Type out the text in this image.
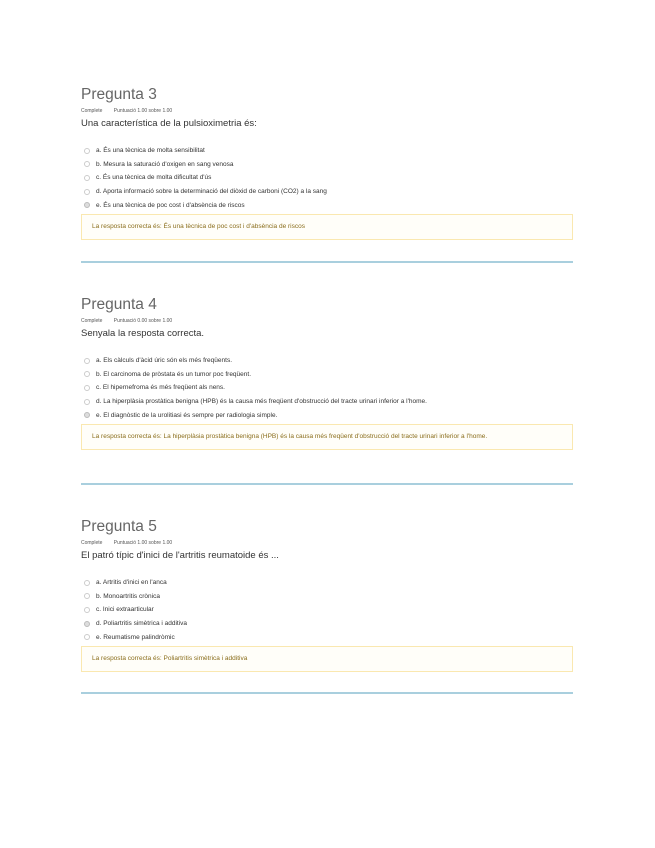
Pregunta 3
Complete Puntuació 1.00 sobre 1.00
Una característica de la pulsioximetria és:
a. És una tècnica de molta sensibilitat
b. Mesura la saturació d'oxigen en sang venosa
c. És una tècnica de molta dificultat d'ús
d. Aporta informació sobre la determinació del diòxid de carboni (CO2) a la sang
e. És una tècnica de poc cost i d'absència de riscos
La resposta correcta és: És una tècnica de poc cost i d'absència de riscos
Pregunta 4
Complete Puntuació 0.00 sobre 1.00
Senyala la resposta correcta.
a. Els càlculs d'àcid úric són els més freqüents.
b. El carcinoma de pròstata és un tumor poc freqüent.
c. El hipernefroma és més freqüent als nens.
d. La hiperplàsia prostàtica benigna (HPB) és la causa més freqüent d'obstrucció del tracte urinari inferior a l'home.
e. El diagnòstic de la urolitiasi és sempre per radiologia simple.
La resposta correcta és: La hiperplàsia prostàtica benigna (HPB) és la causa més freqüent d'obstrucció del tracte urinari inferior a l'home.
Pregunta 5
Complete Puntuació 1.00 sobre 1.00
El patró típic d'inici de l'artritis reumatoide és ...
a. Artritis d'inici en l'anca
b. Monoartritis crònica
c. Inici extraarticular
d. Poliartritis simètrica i additiva
e. Reumatisme palindròmic
La resposta correcta és: Poliartritis simètrica i additiva
